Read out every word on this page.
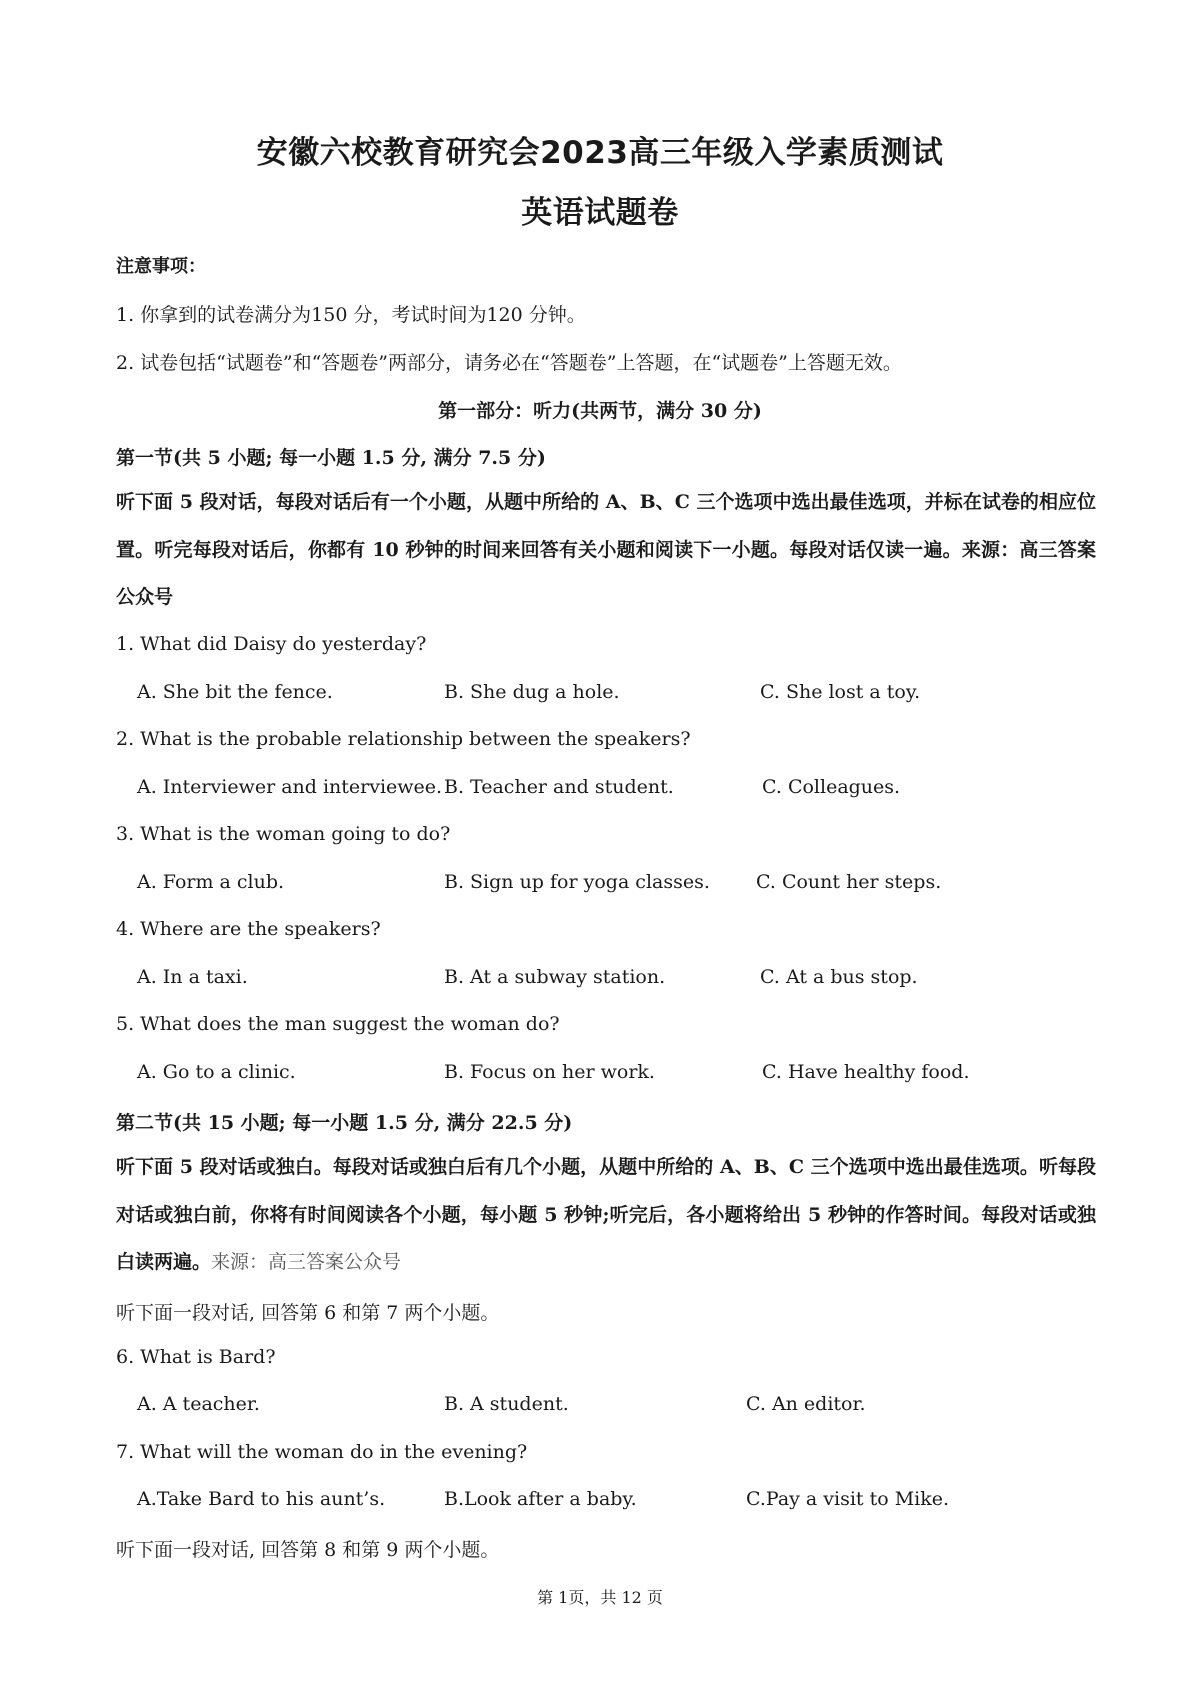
安徽六校教育研究会2023高三年级入学素质测试
英语试题卷
注意事项：
1. 你拿到的试卷满分为150 分，考试时间为120 分钟。
2. 试卷包括“试题卷”和“答题卷”两部分，请务必在“答题卷”上答题，在“试题卷”上答题无效。
第一部分：听力(共两节，满分 30 分)
第一节(共 5 小题; 每一小题 1.5 分, 满分 7.5 分)
听下面 5 段对话，每段对话后有一个小题，从题中所给的 A、B、C 三个选项中选出最佳选项，并标在试卷的相应位置。听完每段对话后，你都有 10 秒钟的时间来回答有关小题和阅读下一小题。每段对话仅读一遍。来源：高三答案公众号
1. What did Daisy do yesterday?
A. She bit the fence.	B. She dug a hole.	C. She lost a toy.
2. What is the probable relationship between the speakers?
A. Interviewer and interviewee. B. Teacher and student.	C. Colleagues.
3. What is the woman going to do?
A. Form a club.	B. Sign up for yoga classes. C. Count her steps.
4. Where are the speakers?
A. In a taxi.	B. At a subway station.	C. At a bus stop.
5. What does the man suggest the woman do?
A. Go to a clinic.	B. Focus on her work.	C. Have healthy food.
第二节(共 15 小题; 每一小题 1.5 分, 满分 22.5 分)
听下面 5 段对话或独白。每段对话或独白后有几个小题，从题中所给的 A、B、C 三个选项中选出最佳选项。听每段对话或独白前，你将有时间阅读各个小题，每小题 5 秒钟;听完后，各小题将给出 5 秒钟的作答时间。每段对话或独白读两遍。来源：高三答案公众号
听下面一段对话, 回答第 6 和第 7 两个小题。
6. What is Bard?
A. A teacher.	B. A student.	C. An editor.
7. What will the woman do in the evening?
A.Take Bard to his aunt’s.	B.Look after a baby.	C.Pay a visit to Mike.
听下面一段对话, 回答第 8 和第 9 两个小题。
第 1页，共 12 页
